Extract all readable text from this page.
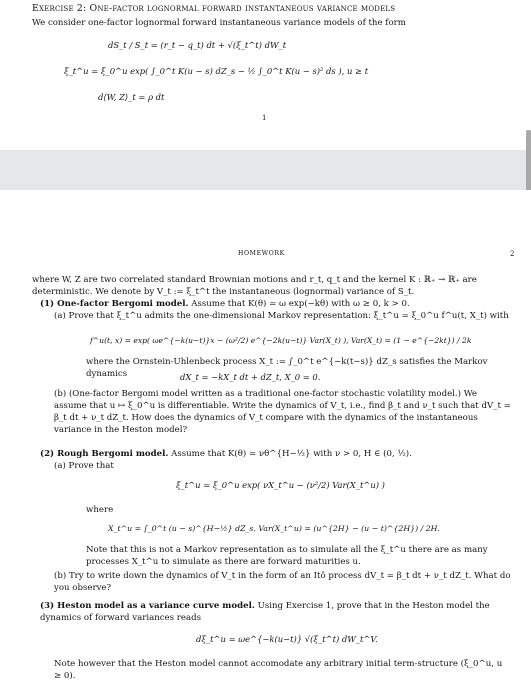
Exercise 2: One-factor lognormal forward instantaneous variance models
We consider one-factor lognormal forward instantaneous variance models of the form
dS_t / S_t = (r_t − q_t) dt + √(ξ_t^t) dW_t
ξ_t^u = ξ_0^u exp( ∫_0^t K(u − s) dZ_s − ½ ∫_0^t K(u − s)² ds ), u ≥ t
d⟨W, Z⟩_t = ρ dt
1
HOMEWORK	2
where W, Z are two correlated standard Brownian motions and r_t, q_t and the kernel K : ℝ₊ → ℝ₊ are deterministic. We denote by V_t := ξ_t^t the instantaneous (lognormal) variance of S_t.
(1) One-factor Bergomi model. Assume that K(θ) = ω exp(−kθ) with ω ≥ 0, k > 0.
(a) Prove that ξ_t^u admits the one-dimensional Markov representation: ξ_t^u = ξ_0^u f^u(t, X_t) with
f^u(t, x) = exp( ωe^{−k(u−t)}x − (ω²/2) e^{−2k(u−t)} Var(X_t) ), Var(X_t) = (1 − e^{−2kt}) / 2k
where the Ornstein-Uhlenbeck process X_t := ∫_0^t e^{−k(t−s)} dZ_s satisfies the Markov dynamics	dX_t = −kX_t dt + dZ_t, X_0 = 0.
(b) (One-factor Bergomi model written as a traditional one-factor stochastic volatility model.) We assume that u ↦ ξ_0^u is differentiable. Write the dynamics of V_t, i.e., find β_t and ν_t such that dV_t = β_t dt + ν_t dZ_t. How does the dynamics of V_t compare with the dynamics of the instantaneous variance in the Heston model?
(2) Rough Bergomi model. Assume that K(θ) = νθ^{H−½} with ν > 0, H ∈ (0, ½).
(a) Prove that
ξ_t^u = ξ_0^u exp( νX_t^u − (ν²/2) Var(X_t^u) )
where
X_t^u = ∫_0^t (u − s)^{H−½} dZ_s, Var(X_t^u) = (u^{2H} − (u − t)^{2H}) / 2H.
Note that this is not a Markov representation as to simulate all the ξ_t^u there are as many processes X_t^u to simulate as there are forward maturities u.
(b) Try to write down the dynamics of V_t in the form of an Itô process dV_t = β_t dt + ν_t dZ_t. What do you observe?
(3) Heston model as a variance curve model. Using Exercise 1, prove that in the Heston model the dynamics of forward variances reads
dξ_t^u = ωe^{−k(u−t)} √(ξ_t^t) dW_t^V.
Note however that the Heston model cannot accomodate any arbitrary initial term-structure (ξ_0^u, u ≥ 0).
